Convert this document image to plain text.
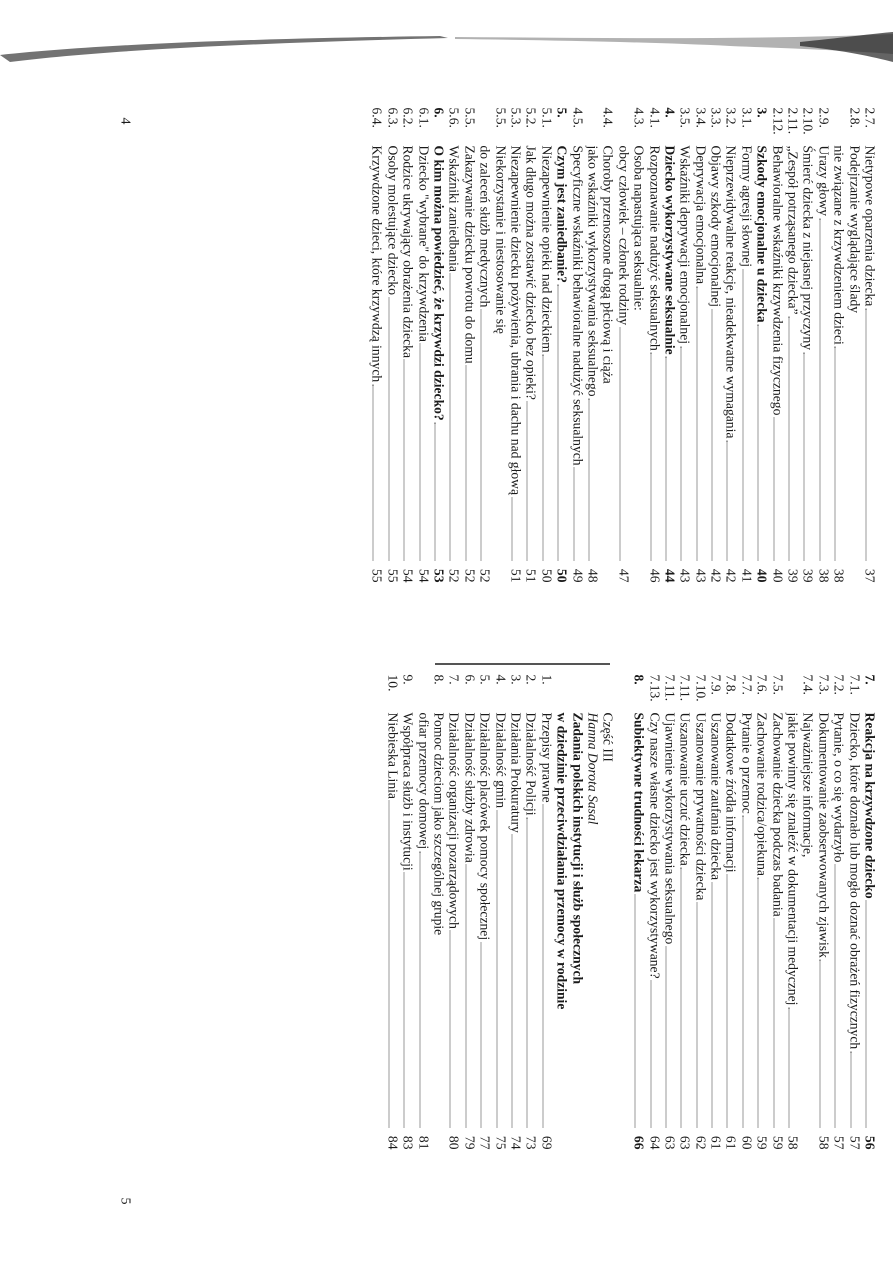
2.7.
Nietypowe oparzenia dziecka
37
2.8.
Podejrzanie wyglądające ślady
nie związane z krzywdzeniem dzieci
38
2.9.
Urazy głowy
38
2.10.
Śmierć dziecka z niejasnej przyczyny
39
2.11.
„Zespół potrząsanego dziecka”
39
2.12.
Behawioralne wskaźniki krzywdzenia fizycznego
40
3.
Szkody emocjonalne u dziecka
40
3.1.
Formy agresji słownej
41
3.2.
Nieprzewidywalne reakcje, nieadekwatne wymagania
42
3.3.
Objawy szkody emocjonalnej
42
3.4.
Deprywacja emocjonalna
43
3.5.
Wskaźniki deprywacji emocjonalnej
43
4.
Dziecko wykorzystywane seksualnie
44
4.1.
Rozpoznawanie nadużyć seksualnych
46
4.3.
Osoba napastująca seksualnie:
obcy człowiek – członek rodziny
47
4.4.
Choroby przenoszone drogą płciową i ciąża
jako wskaźniki wykorzystywania seksualnego
48
4.5.
Specyficzne wskaźniki behawioralne nadużyć seksualnych
49
5.
Czym jest zaniedbanie?
50
5.1.
Niezapewnienie opieki nad dzieckiem
50
5.2.
Jak długo można zostawić dziecko bez opieki?
51
5.3.
Niezapewnienie dziecku pożywienia, ubrania i dachu nad głową
51
5.5.
Niekorzystanie i niestosowanie się
do zaleceń służb medycznych
52
5.5.
Zakazywanie dziecku powrotu do domu
52
5.6.
Wskaźniki zaniedbania
52
6.
O kim można powiedzieć, że krzywdzi dziecko?
53
6.1.
Dziecko "wybrane" do krzywdzenia
54
6.2.
Rodzice ukrywający obrażenia dziecka
54
6.3.
Osoby molestujące dziecko
55
6.4.
Krzywdzone dzieci, które krzywdzą innych
55
4
7.
Reakcja na krzywdzone dziecko
56
7.1.
Dziecko, które doznało lub mogło doznać obrażeń fizycznych
57
7.2.
Pytanie, o co się wydarzyło
57
7.3.
Dokumentowanie zaobserwowanych zjawisk
58
7.4.
Najważniejsze informacje,
jakie powinny się znaleźć w dokumentacji medycznej
58
7.5.
Zachowanie dziecka podczas badania
59
7.6.
Zachowanie rodzica/opiekuna
59
7.7.
Pytanie o przemoc
60
7.8.
Dodatkowe źródła informacji
61
7.9.
Uszanowanie zaufania dziecka
61
7.10.
Uszanowanie prywatności dziecka
62
7.11.
Uszanowanie uczuć dziecka
63
7.11.
Ujawnienie wykorzystywania seksualnego
63
7.13.
Czy nasze własne dziecko jest wykorzystywane?
64
8.
Subiektywne trudności lekarza
66
Część III
Hanna Dorota Sasal
Zadania polskich instytucji i służb społecznych
w dziedzinie przeciwdziałania przemocy w rodzinie
1.
Przepisy prawne
69
2.
Działalność Policji
73
3.
Działania Prokuratury
74
4.
Działalność gmin
75
5.
Działalność placówek pomocy społecznej
77
6.
Działalność służby zdrowia
79
7.
Działalność organizacji pozarządowych
80
8.
Pomoc dzieciom jako szczególnej grupie
ofiar przemocy domowej
81
9.
Współpraca służb i instytucji
83
10.
Niebieska Linia
84
5
